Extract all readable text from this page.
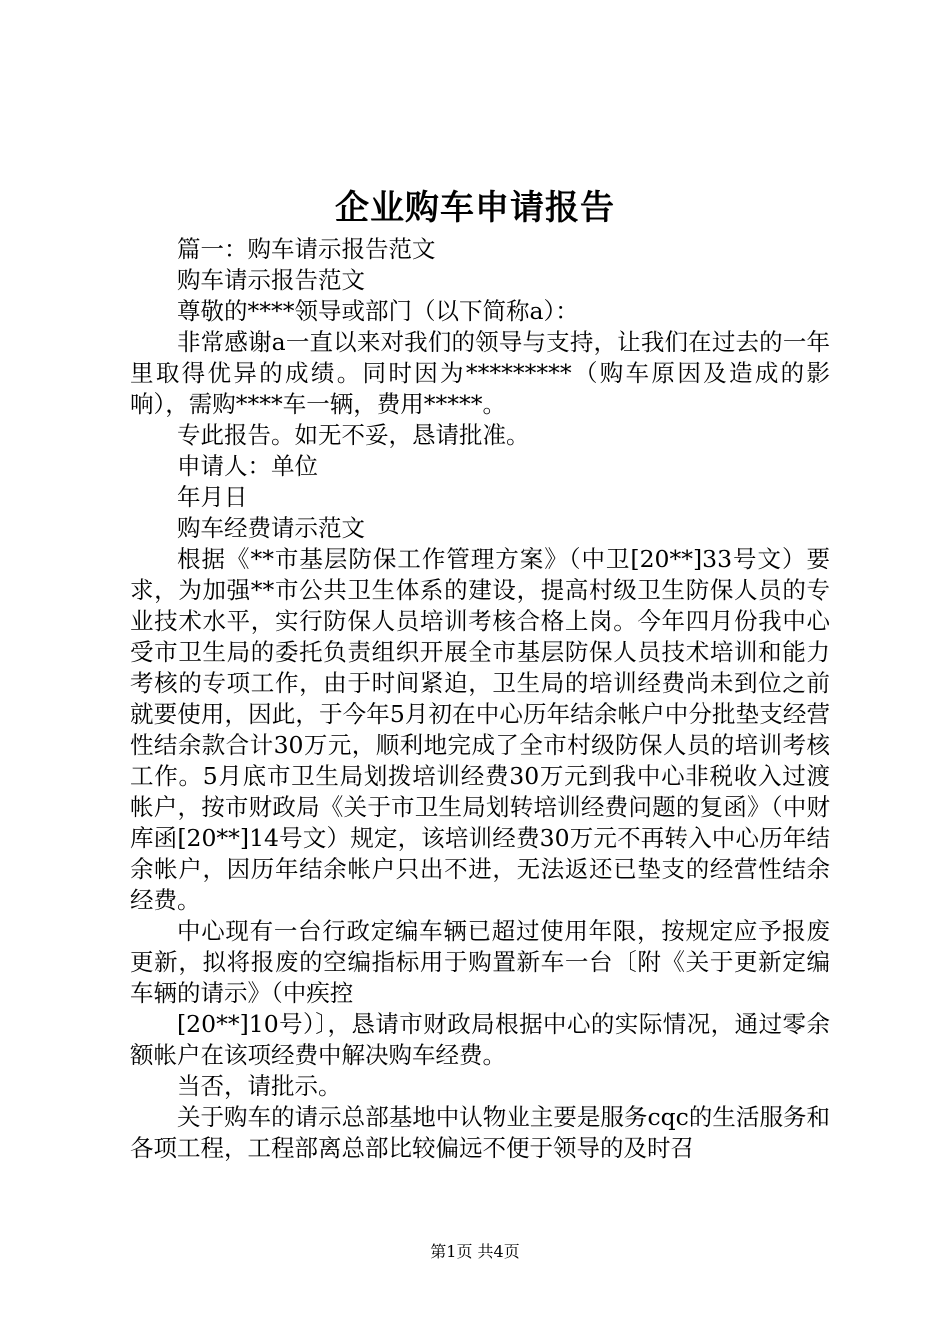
企业购车申请报告

篇一：购车请示报告范文

购车请示报告范文

尊敬的****领导或部门（以下简称a）：

非常感谢a一直以来对我们的领导与支持，让我们在过去的一年里取得优异的成绩。同时因为*********（购车原因及造成的影响），需购****车一辆，费用*****。

专此报告。如无不妥，恳请批准。

申请人：单位

年月日

购车经费请示范文

根据《**市基层防保工作管理方案》（中卫[20**]33号文）要求，为加强**市公共卫生体系的建设，提高村级卫生防保人员的专业技术水平，实行防保人员培训考核合格上岗。今年四月份我中心受市卫生局的委托负责组织开展全市基层防保人员技术培训和能力考核的专项工作，由于时间紧迫，卫生局的培训经费尚未到位之前就要使用，因此，于今年5月初在中心历年结余帐户中分批垫支经营性结余款合计30万元，顺利地完成了全市村级防保人员的培训考核工作。5月底市卫生局划拨培训经费30万元到我中心非税收入过渡帐户，按市财政局《关于市卫生局划转培训经费问题的复函》（中财库函[20**]14号文）规定，该培训经费30万元不再转入中心历年结余帐户，因历年结余帐户只出不进，无法返还已垫支的经营性结余经费。

中心现有一台行政定编车辆已超过使用年限，按规定应予报废更新，拟将报废的空编指标用于购置新车一台〔附《关于更新定编车辆的请示》（中疾控

[20**]10号）〕，恳请市财政局根据中心的实际情况，通过零余额帐户在该项经费中解决购车经费。

当否，请批示。

关于购车的请示总部基地中认物业主要是服务cqc的生活服务和各项工程，工程部离总部比较偏远不便于领导的及时召

第1页 共4页
